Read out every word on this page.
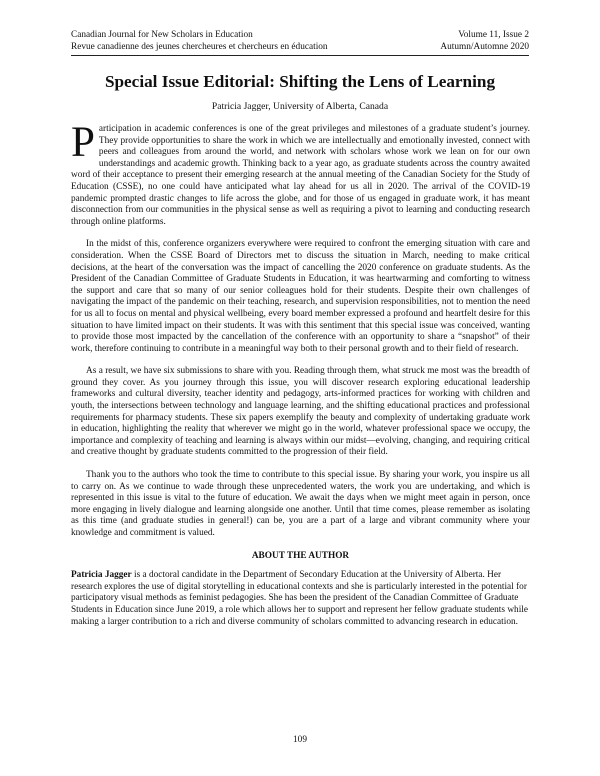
Canadian Journal for New Scholars in Education	Volume 11, Issue 2
Revue canadienne des jeunes chercheures et chercheurs en éducation	Autumn/Automne 2020
Special Issue Editorial: Shifting the Lens of Learning
Patricia Jagger, University of Alberta, Canada

Participation in academic conferences is one of the great privileges and milestones of a graduate student’s journey. They provide opportunities to share the work in which we are intellectually and emotionally invested, connect with peers and colleagues from around the world, and network with scholars whose work we lean on for our own understandings and academic growth. Thinking back to a year ago, as graduate students across the country awaited word of their acceptance to present their emerging research at the annual meeting of the Canadian Society for the Study of Education (CSSE), no one could have anticipated what lay ahead for us all in 2020. The arrival of the COVID-19 pandemic prompted drastic changes to life across the globe, and for those of us engaged in graduate work, it has meant disconnection from our communities in the physical sense as well as requiring a pivot to learning and conducting research through online platforms.

In the midst of this, conference organizers everywhere were required to confront the emerging situation with care and consideration. When the CSSE Board of Directors met to discuss the situation in March, needing to make critical decisions, at the heart of the conversation was the impact of cancelling the 2020 conference on graduate students. As the President of the Canadian Committee of Graduate Students in Education, it was heartwarming and comforting to witness the support and care that so many of our senior colleagues hold for their students. Despite their own challenges of navigating the impact of the pandemic on their teaching, research, and supervision responsibilities, not to mention the need for us all to focus on mental and physical wellbeing, every board member expressed a profound and heartfelt desire for this situation to have limited impact on their students. It was with this sentiment that this special issue was conceived, wanting to provide those most impacted by the cancellation of the conference with an opportunity to share a “snapshot” of their work, therefore continuing to contribute in a meaningful way both to their personal growth and to their field of research.

As a result, we have six submissions to share with you. Reading through them, what struck me most was the breadth of ground they cover. As you journey through this issue, you will discover research exploring educational leadership frameworks and cultural diversity, teacher identity and pedagogy, arts-informed practices for working with children and youth, the intersections between technology and language learning, and the shifting educational practices and professional requirements for pharmacy students. These six papers exemplify the beauty and complexity of undertaking graduate work in education, highlighting the reality that wherever we might go in the world, whatever professional space we occupy, the importance and complexity of teaching and learning is always within our midst—evolving, changing, and requiring critical and creative thought by graduate students committed to the progression of their field.

Thank you to the authors who took the time to contribute to this special issue. By sharing your work, you inspire us all to carry on. As we continue to wade through these unprecedented waters, the work you are undertaking, and which is represented in this issue is vital to the future of education. We await the days when we might meet again in person, once more engaging in lively dialogue and learning alongside one another. Until that time comes, please remember as isolating as this time (and graduate studies in general!) can be, you are a part of a large and vibrant community where your knowledge and commitment is valued.

ABOUT THE AUTHOR

Patricia Jagger is a doctoral candidate in the Department of Secondary Education at the University of Alberta. Her research explores the use of digital storytelling in educational contexts and she is particularly interested in the potential for participatory visual methods as feminist pedagogies. She has been the president of the Canadian Committee of Graduate Students in Education since June 2019, a role which allows her to support and represent her fellow graduate students while making a larger contribution to a rich and diverse community of scholars committed to advancing research in education.

109
